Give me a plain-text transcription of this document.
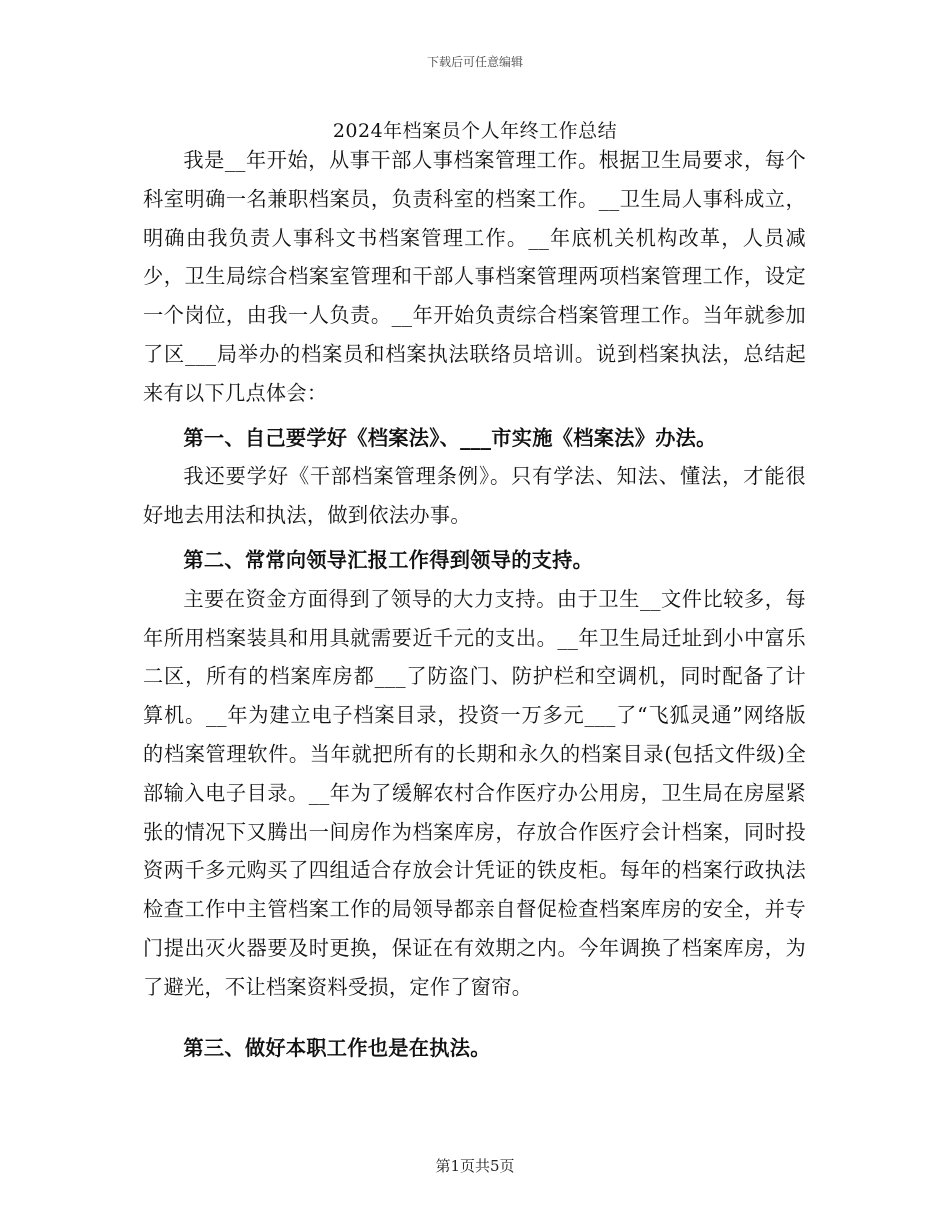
下载后可任意编辑
2024年档案员个人年终工作总结

我是__年开始，从事干部人事档案管理工作。根据卫生局要求，每个科室明确一名兼职档案员，负责科室的档案工作。__卫生局人事科成立，明确由我负责人事科文书档案管理工作。__年底机关机构改革，人员减少，卫生局综合档案室管理和干部人事档案管理两项档案管理工作，设定一个岗位，由我一人负责。__年开始负责综合档案管理工作。当年就参加了区___局举办的档案员和档案执法联络员培训。说到档案执法，总结起来有以下几点体会：

第一、自己要学好《档案法》、___市实施《档案法》办法。

我还要学好《干部档案管理条例》。只有学法、知法、懂法，才能很好地去用法和执法，做到依法办事。

第二、常常向领导汇报工作得到领导的支持。

主要在资金方面得到了领导的大力支持。由于卫生__文件比较多，每年所用档案装具和用具就需要近千元的支出。__年卫生局迁址到小中富乐二区，所有的档案库房都___了防盗门、防护栏和空调机，同时配备了计算机。__年为建立电子档案目录，投资一万多元___了“飞狐灵通”网络版的档案管理软件。当年就把所有的长期和永久的档案目录(包括文件级)全部输入电子目录。__年为了缓解农村合作医疗办公用房，卫生局在房屋紧张的情况下又腾出一间房作为档案库房，存放合作医疗会计档案，同时投资两千多元购买了四组适合存放会计凭证的铁皮柜。每年的档案行政执法检查工作中主管档案工作的局领导都亲自督促检查档案库房的安全，并专门提出灭火器要及时更换，保证在有效期之内。今年调换了档案库房，为了避光，不让档案资料受损，定作了窗帘。

第三、做好本职工作也是在执法。

第1页共5页
